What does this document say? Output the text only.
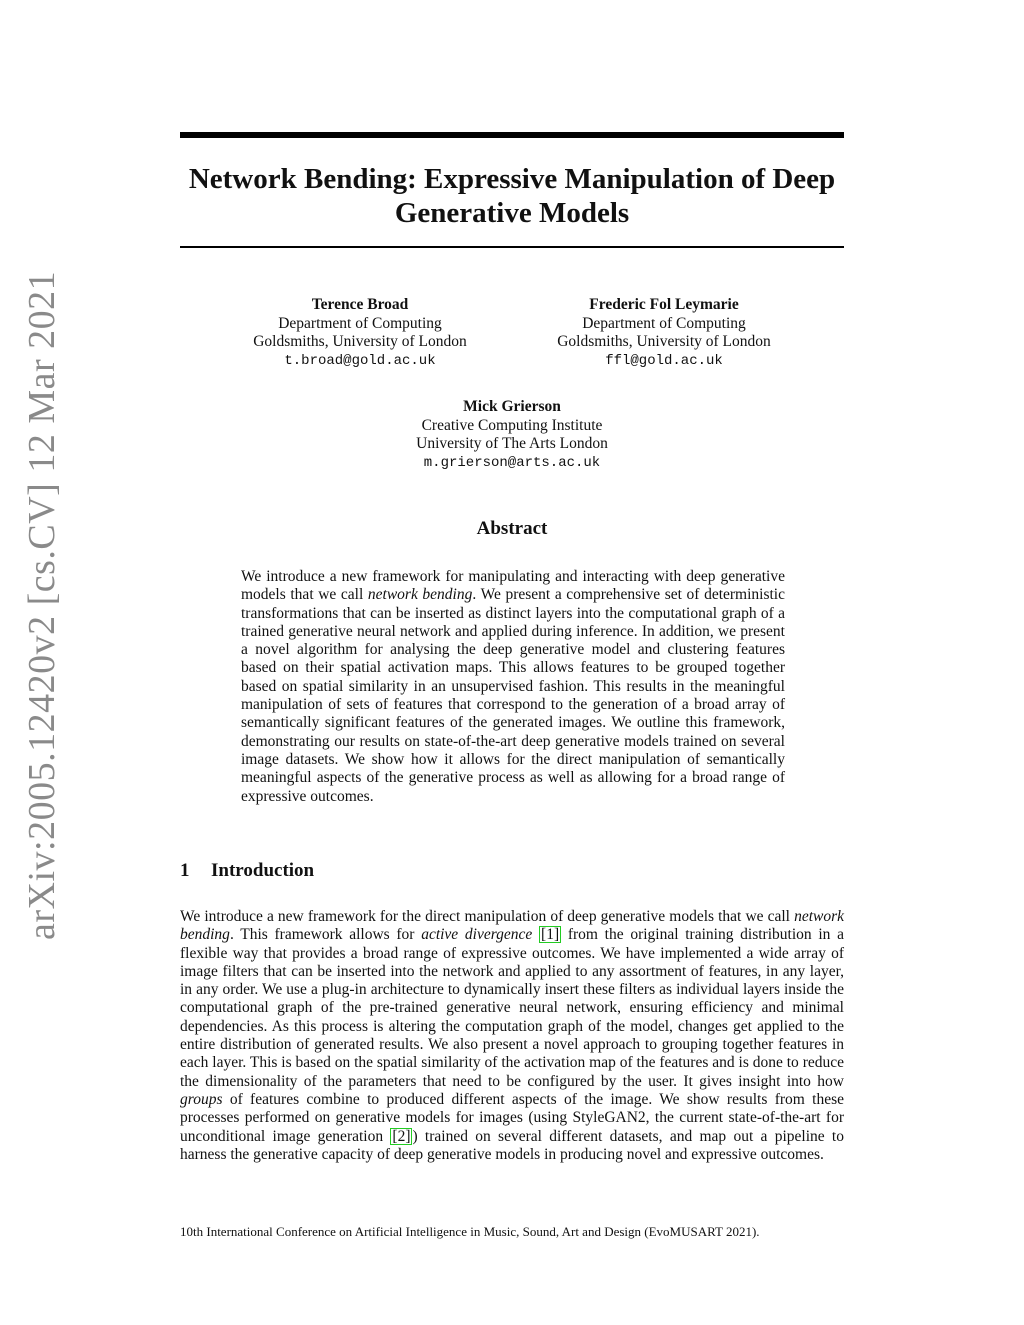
arXiv:2005.12420v2 [cs.CV] 12 Mar 2021
Network Bending: Expressive Manipulation of Deep Generative Models
Terence Broad
Department of Computing
Goldsmiths, University of London
t.broad@gold.ac.uk
Frederic Fol Leymarie
Department of Computing
Goldsmiths, University of London
ffl@gold.ac.uk
Mick Grierson
Creative Computing Institute
University of The Arts London
m.grierson@arts.ac.uk
Abstract
We introduce a new framework for manipulating and interacting with deep generative models that we call network bending. We present a comprehensive set of deterministic transformations that can be inserted as distinct layers into the computational graph of a trained generative neural network and applied during inference. In addition, we present a novel algorithm for analysing the deep generative model and clustering features based on their spatial activation maps. This allows features to be grouped together based on spatial similarity in an unsupervised fashion. This results in the meaningful manipulation of sets of features that correspond to the generation of a broad array of semantically significant features of the generated images. We outline this framework, demonstrating our results on state-of-the-art deep generative models trained on several image datasets. We show how it allows for the direct manipulation of semantically meaningful aspects of the generative process as well as allowing for a broad range of expressive outcomes.
1 Introduction
We introduce a new framework for the direct manipulation of deep generative models that we call network bending. This framework allows for active divergence [1] from the original training distribution in a flexible way that provides a broad range of expressive outcomes. We have implemented a wide array of image filters that can be inserted into the network and applied to any assortment of features, in any layer, in any order. We use a plug-in architecture to dynamically insert these filters as individual layers inside the computational graph of the pre-trained generative neural network, ensuring efficiency and minimal dependencies. As this process is altering the computation graph of the model, changes get applied to the entire distribution of generated results. We also present a novel approach to grouping together features in each layer. This is based on the spatial similarity of the activation map of the features and is done to reduce the dimensionality of the parameters that need to be configured by the user. It gives insight into how groups of features combine to produced different aspects of the image. We show results from these processes performed on generative models for images (using StyleGAN2, the current state-of-the-art for unconditional image generation [2] ) trained on several different datasets, and map out a pipeline to harness the generative capacity of deep generative models in producing novel and expressive outcomes.
10th International Conference on Artificial Intelligence in Music, Sound, Art and Design (EvoMUSART 2021).
